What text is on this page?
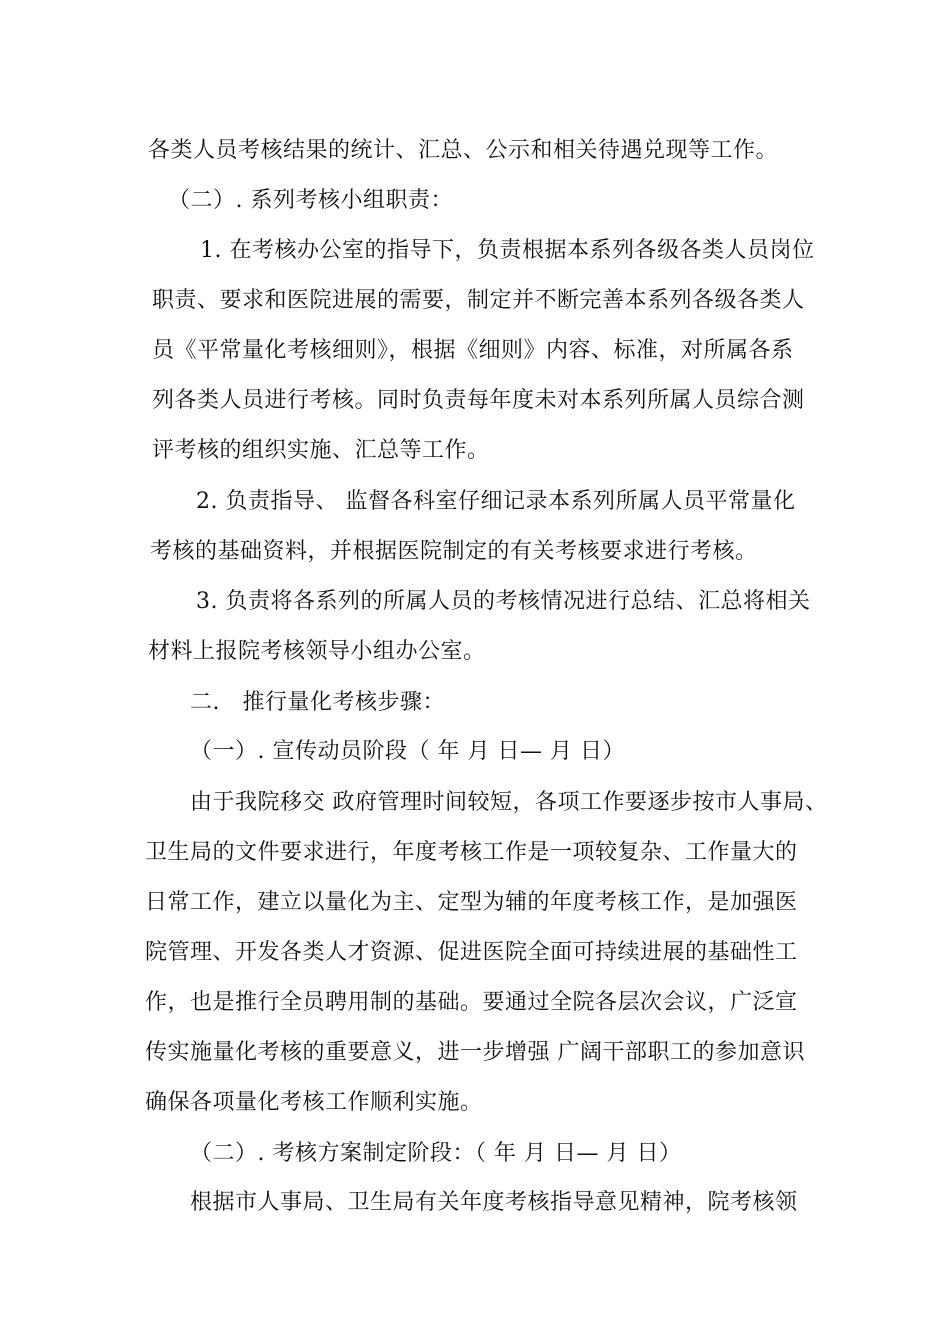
各类人员考核结果的统计、汇总、公示和相关待遇兑现等工作。
（二）. 系列考核小组职责：
1. 在考核办公室的指导下，负责根据本系列各级各类人员岗位
职责、要求和医院进展的需要，制定并不断完善本系列各级各类人
员《平常量化考核细则》，根据《细则》内容、标准，对所属各系
列各类人员进行考核。同时负责每年度未对本系列所属人员综合测
评考核的组织实施、汇总等工作。
2. 负责指导、 监督各科室仔细记录本系列所属人员平常量化
考核的基础资料，并根据医院制定的有关考核要求进行考核。
3. 负责将各系列的所属人员的考核情况进行总结、汇总将相关
材料上报院考核领导小组办公室。
二.　推行量化考核步骤：
（一）. 宣传动员阶段（ 年 月 日— 月 日）
由于我院移交 政府管理时间较短，各项工作要逐步按市人事局、
卫生局的文件要求进行，年度考核工作是一项较复杂、工作量大的
日常工作，建立以量化为主、定型为辅的年度考核工作，是加强医
院管理、开发各类人才资源、促进医院全面可持续进展的基础性工
作，也是推行全员聘用制的基础。要通过全院各层次会议，广泛宣
传实施量化考核的重要意义，进一步增强 广阔干部职工的参加意识
确保各项量化考核工作顺利实施。
（二）. 考核方案制定阶段：（ 年 月 日— 月 日）
根据市人事局、卫生局有关年度考核指导意见精神，院考核领
